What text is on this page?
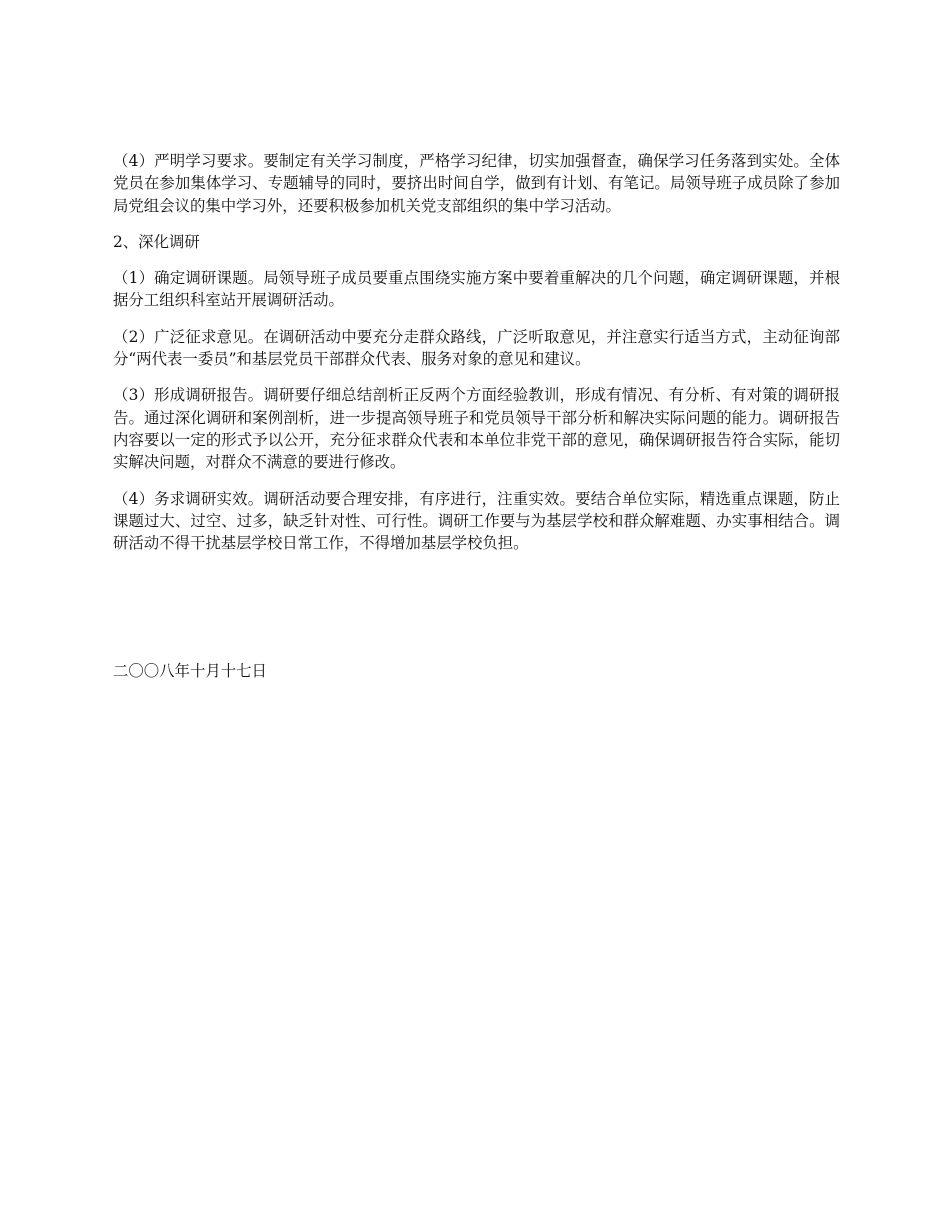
（4）严明学习要求。要制定有关学习制度，严格学习纪律，切实加强督查，确保学习任务落到实处。全体党员在参加集体学习、专题辅导的同时，要挤出时间自学，做到有计划、有笔记。局领导班子成员除了参加局党组会议的集中学习外，还要积极参加机关党支部组织的集中学习活动。

2、深化调研

（1）确定调研课题。局领导班子成员要重点围绕实施方案中要着重解决的几个问题，确定调研课题，并根据分工组织科室站开展调研活动。

（2）广泛征求意见。在调研活动中要充分走群众路线，广泛听取意见，并注意实行适当方式，主动征询部分“两代表一委员”和基层党员干部群众代表、服务对象的意见和建议。

（3）形成调研报告。调研要仔细总结剖析正反两个方面经验教训，形成有情况、有分析、有对策的调研报告。通过深化调研和案例剖析，进一步提高领导班子和党员领导干部分析和解决实际问题的能力。调研报告内容要以一定的形式予以公开，充分征求群众代表和本单位非党干部的意见，确保调研报告符合实际，能切实解决问题，对群众不满意的要进行修改。

（4）务求调研实效。调研活动要合理安排，有序进行，注重实效。要结合单位实际，精选重点课题，防止课题过大、过空、过多，缺乏针对性、可行性。调研工作要与为基层学校和群众解难题、办实事相结合。调研活动不得干扰基层学校日常工作，不得增加基层学校负担。

二〇〇八年十月十七日
